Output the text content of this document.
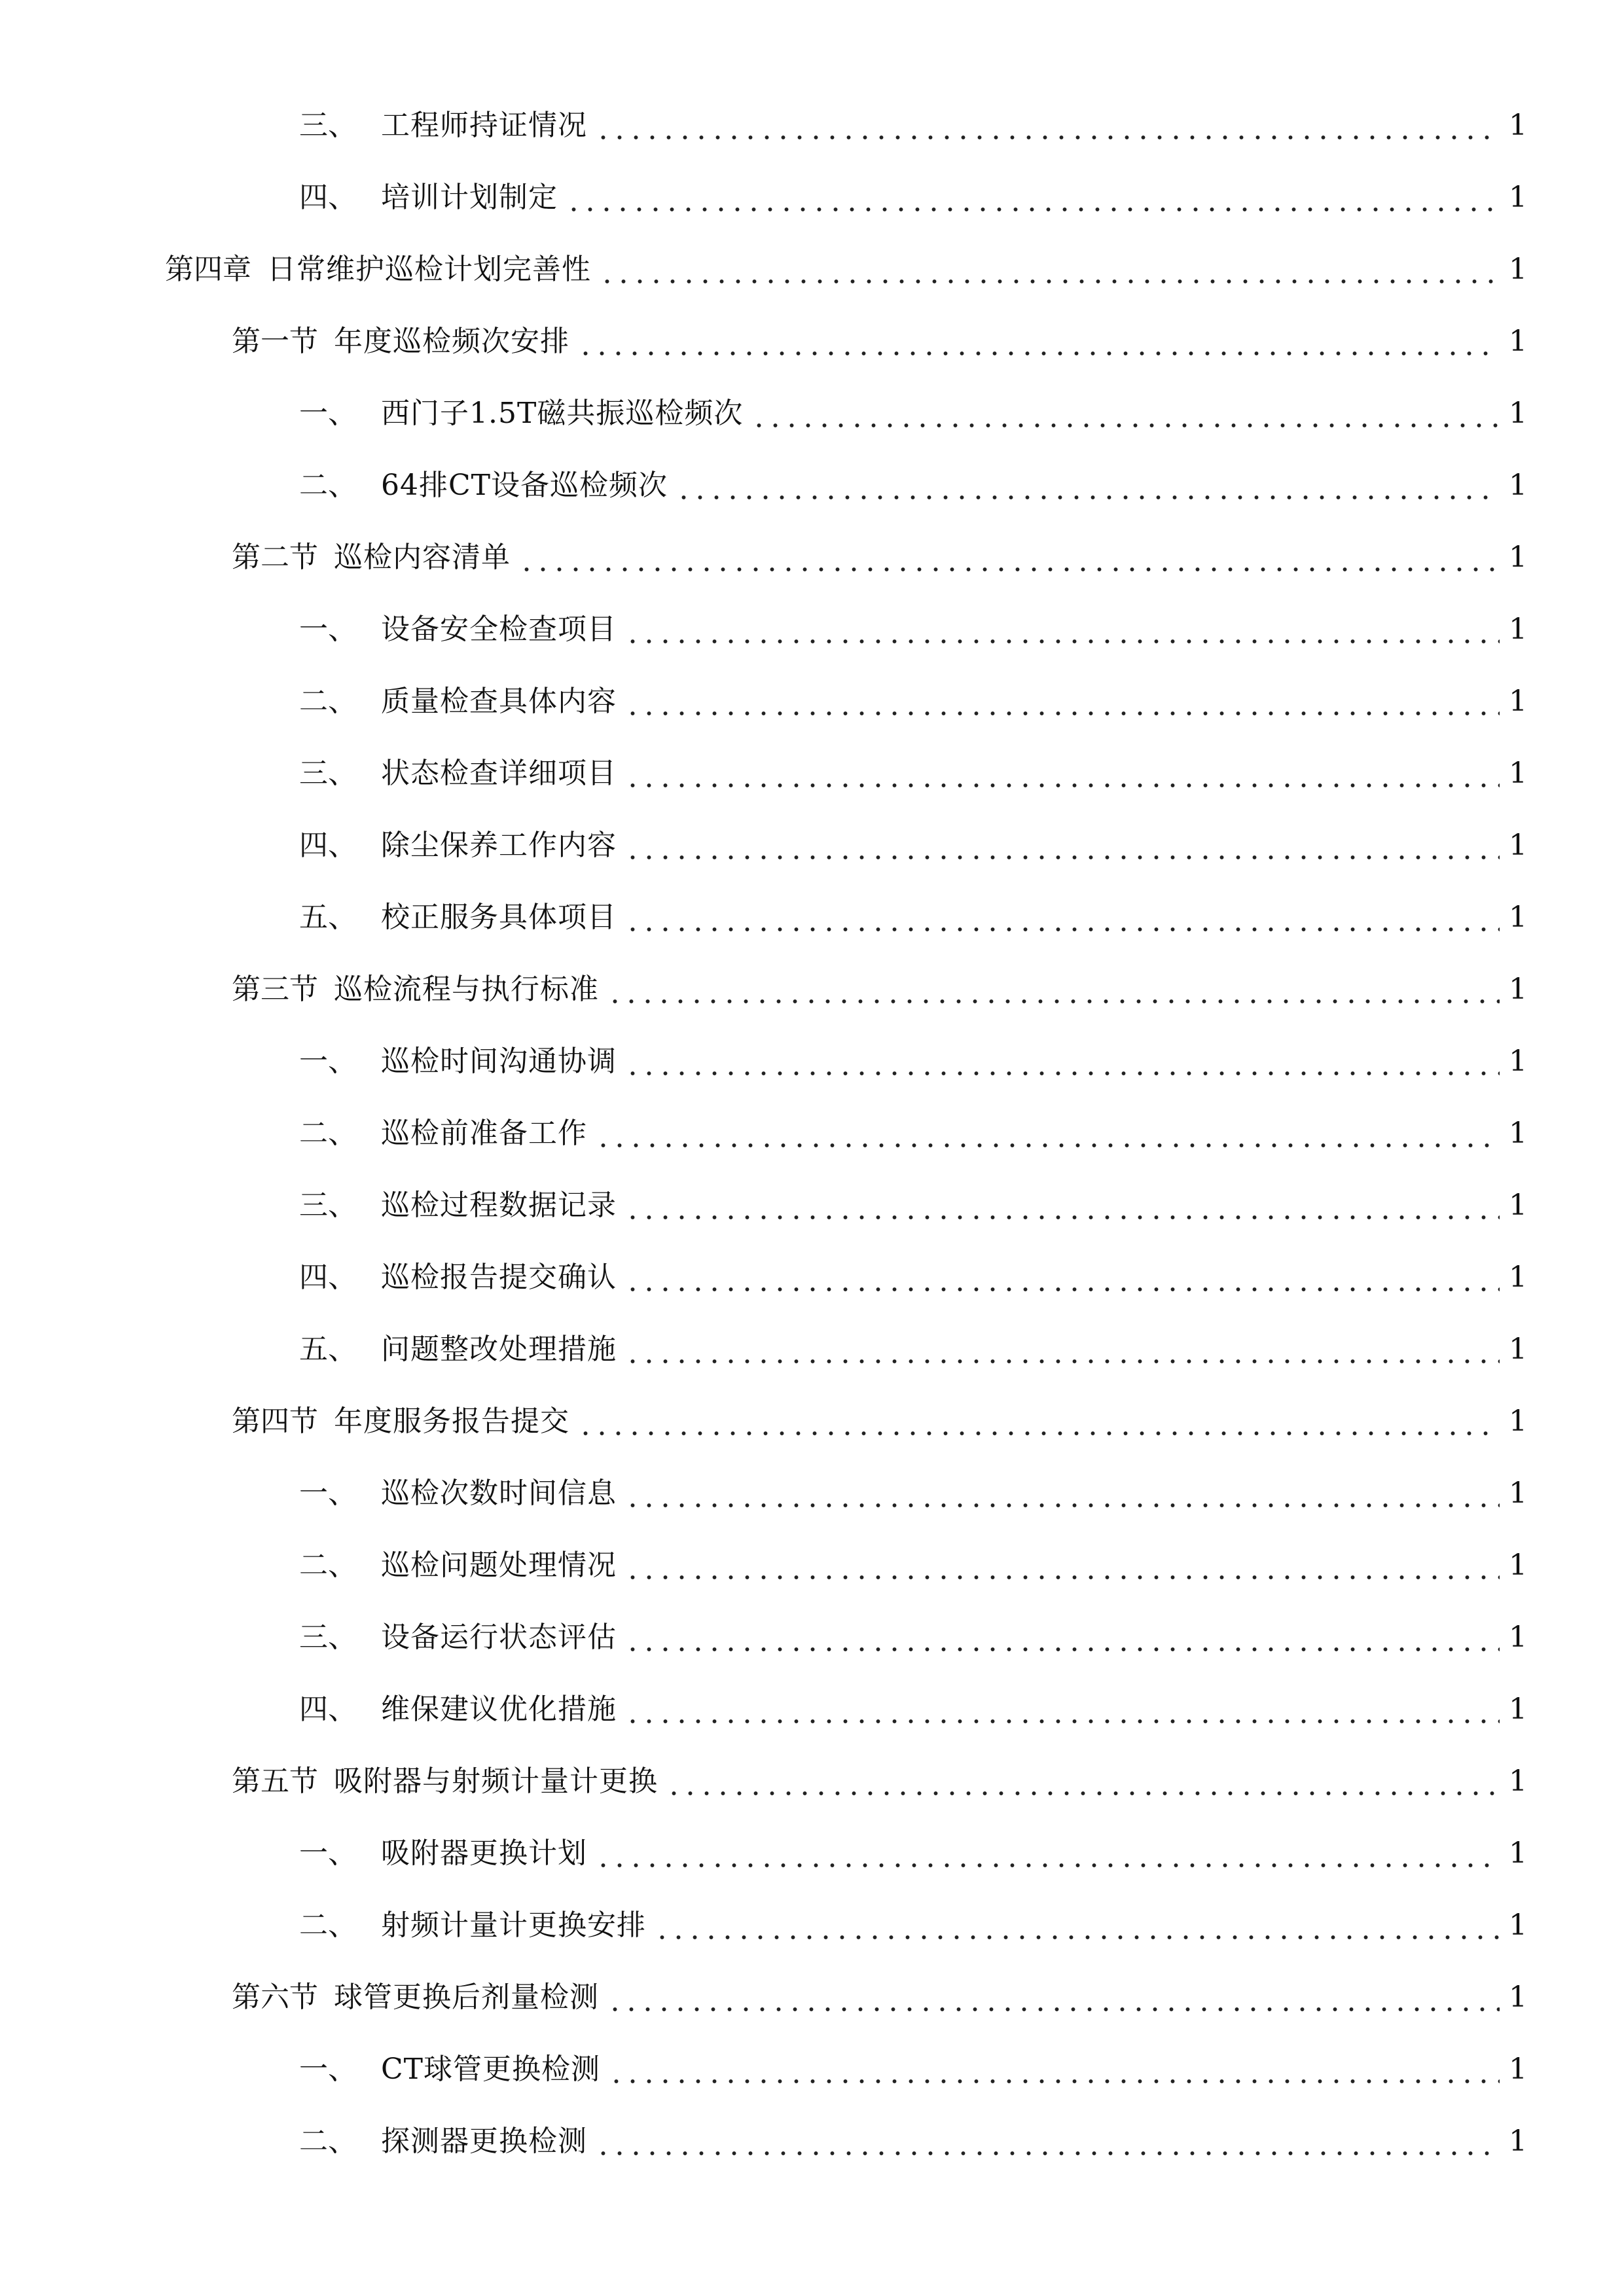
三、 工程师持证情况	1
四、 培训计划制定	1
第四章 日常维护巡检计划完善性	1
第一节 年度巡检频次安排	1
一、 西门子1.5T磁共振巡检频次	1
二、 64排CT设备巡检频次	1
第二节 巡检内容清单	1
一、 设备安全检查项目	1
二、 质量检查具体内容	1
三、 状态检查详细项目	1
四、 除尘保养工作内容	1
五、 校正服务具体项目	1
第三节 巡检流程与执行标准	1
一、 巡检时间沟通协调	1
二、 巡检前准备工作	1
三、 巡检过程数据记录	1
四、 巡检报告提交确认	1
五、 问题整改处理措施	1
第四节 年度服务报告提交	1
一、 巡检次数时间信息	1
二、 巡检问题处理情况	1
三、 设备运行状态评估	1
四、 维保建议优化措施	1
第五节 吸附器与射频计量计更换	1
一、 吸附器更换计划	1
二、 射频计量计更换安排	1
第六节 球管更换后剂量检测	1
一、 CT球管更换检测	1
二、 探测器更换检测	1
